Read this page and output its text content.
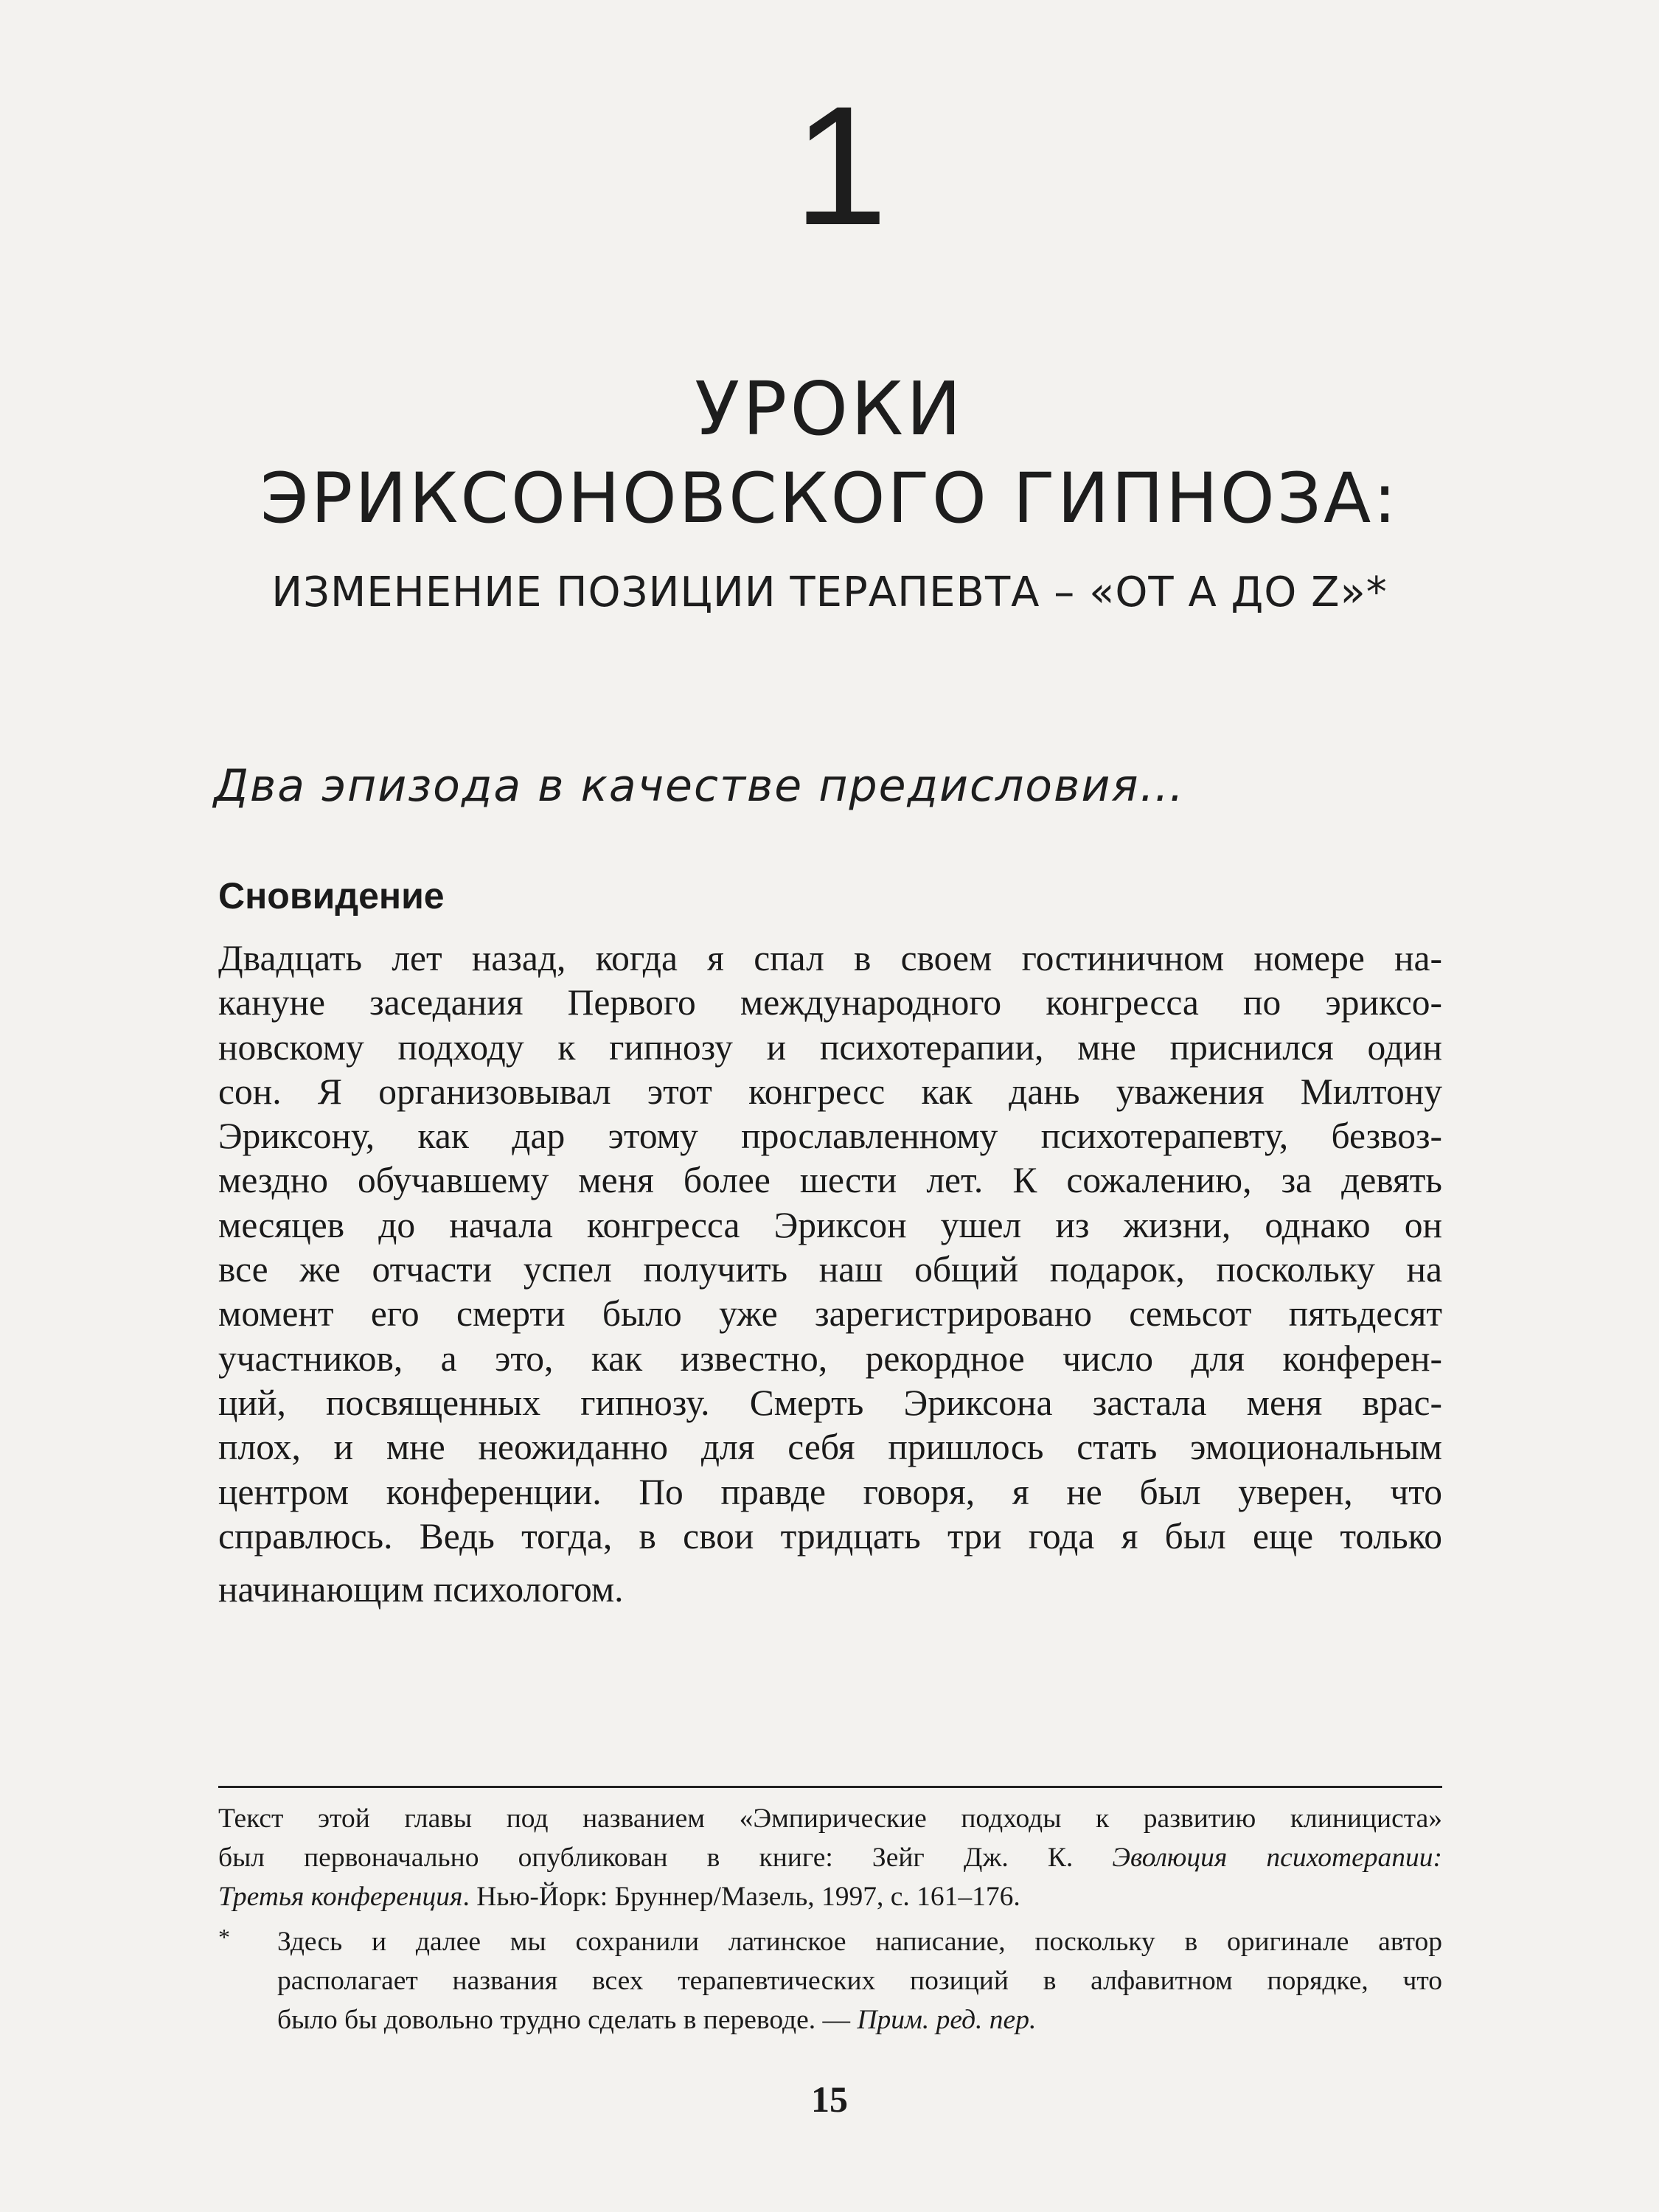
1
УРОКИ
ЭРИКСОНОВСКОГО ГИПНОЗА:
ИЗМЕНЕНИЕ ПОЗИЦИИ ТЕРАПЕВТА – «ОТ А ДО Z»*
Два эпизода в качестве предисловия…
Сновидение
Двадцать лет назад, когда я спал в своем гостиничном номере на-
кануне заседания Первого международного конгресса по эриксо-
новскому подходу к гипнозу и психотерапии, мне приснился один
сон. Я организовывал этот конгресс как дань уважения Милтону
Эриксону, как дар этому прославленному психотерапевту, безвоз-
мездно обучавшему меня более шести лет. К сожалению, за девять
месяцев до начала конгресса Эриксон ушел из жизни, однако он
все же отчасти успел получить наш общий подарок, поскольку на
момент его смерти было уже зарегистрировано семьсот пятьдесят
участников, а это, как известно, рекордное число для конферен-
ций, посвященных гипнозу. Смерть Эриксона застала меня врас-
плох, и мне неожиданно для себя пришлось стать эмоциональным
центром конференции. По правде говоря, я не был уверен, что
справлюсь. Ведь тогда, в свои тридцать три года я был еще только
начинающим психологом.
Текст этой главы под названием «Эмпирические подходы к развитию клинициста»
был первоначально опубликован в книге: Зейг Дж. К. Эволюция психотерапии:
Третья конференция. Нью-Йорк: Бруннер/Мазель, 1997, с. 161–176.
* Здесь и далее мы сохранили латинское написание, поскольку в оригинале автор
располагает названия всех терапевтических позиций в алфавитном порядке, что
было бы довольно трудно сделать в переводе. — Прим. ред. пер.
15
